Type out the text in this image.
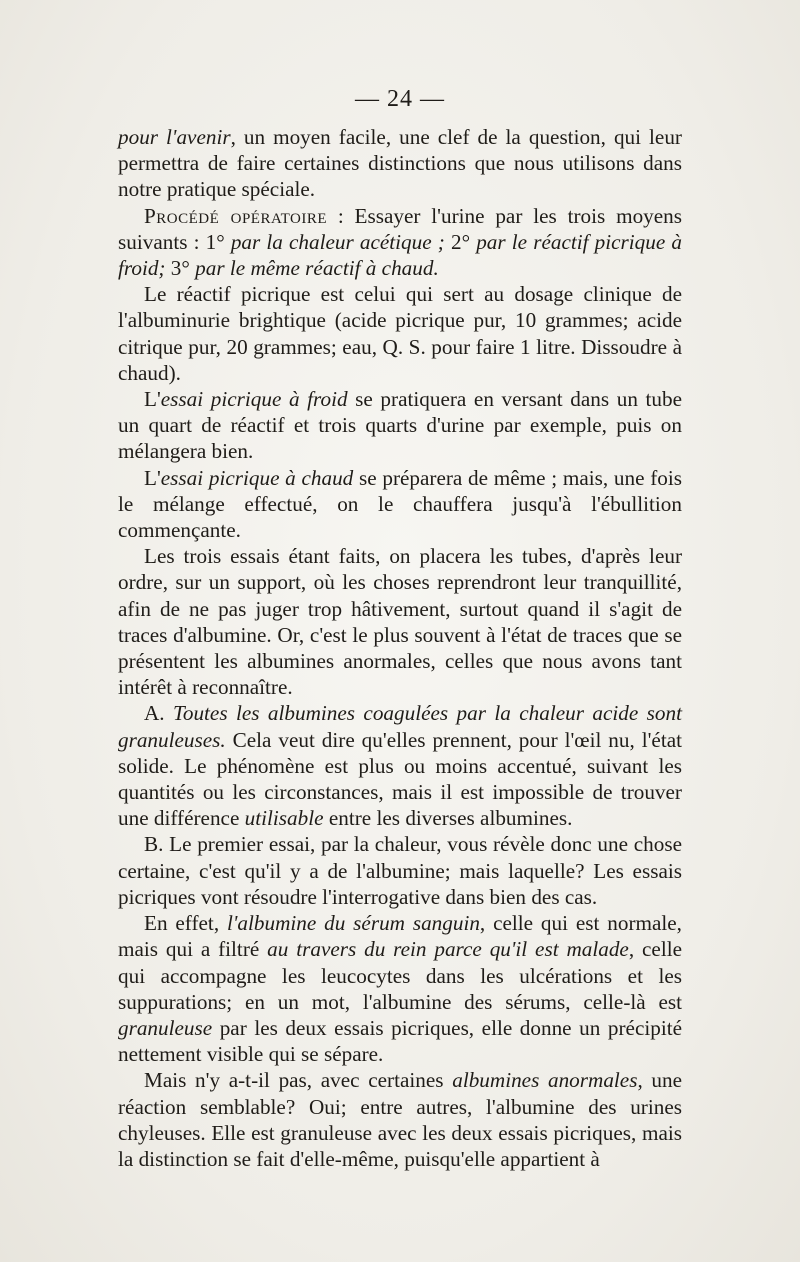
— 24 —

pour l'avenir, un moyen facile, une clef de la question, qui leur permettra de faire certaines distinctions que nous utilisons dans notre pratique spéciale.

Procédé opératoire : Essayer l'urine par les trois moyens suivants : 1° par la chaleur acétique ; 2° par le réactif picrique à froid; 3° par le même réactif à chaud.

Le réactif picrique est celui qui sert au dosage clinique de l'albuminurie brightique (acide picrique pur, 10 grammes; acide citrique pur, 20 grammes; eau, Q. S. pour faire 1 litre. Dissoudre à chaud).

L'essai picrique à froid se pratiquera en versant dans un tube un quart de réactif et trois quarts d'urine par exemple, puis on mélangera bien.

L'essai picrique à chaud se préparera de même ; mais, une fois le mélange effectué, on le chauffera jusqu'à l'ébullition commençante.

Les trois essais étant faits, on placera les tubes, d'après leur ordre, sur un support, où les choses reprendront leur tranquillité, afin de ne pas juger trop hâtivement, surtout quand il s'agit de traces d'albumine. Or, c'est le plus souvent à l'état de traces que se présentent les albumines anormales, celles que nous avons tant intérêt à reconnaître.

A. Toutes les albumines coagulées par la chaleur acide sont granuleuses. Cela veut dire qu'elles prennent, pour l'œil nu, l'état solide. Le phénomène est plus ou moins accentué, suivant les quantités ou les circonstances, mais il est impossible de trouver une différence utilisable entre les diverses albumines.

B. Le premier essai, par la chaleur, vous révèle donc une chose certaine, c'est qu'il y a de l'albumine; mais laquelle? Les essais picriques vont résoudre l'interrogative dans bien des cas.

En effet, l'albumine du sérum sanguin, celle qui est normale, mais qui a filtré au travers du rein parce qu'il est malade, celle qui accompagne les leucocytes dans les ulcérations et les suppurations; en un mot, l'albumine des sérums, celle-là est granuleuse par les deux essais picriques, elle donne un précipité nettement visible qui se sépare.

Mais n'y a-t-il pas, avec certaines albumines anormales, une réaction semblable? Oui; entre autres, l'albumine des urines chyleuses. Elle est granuleuse avec les deux essais picriques, mais la distinction se fait d'elle-même, puisqu'elle appartient à
